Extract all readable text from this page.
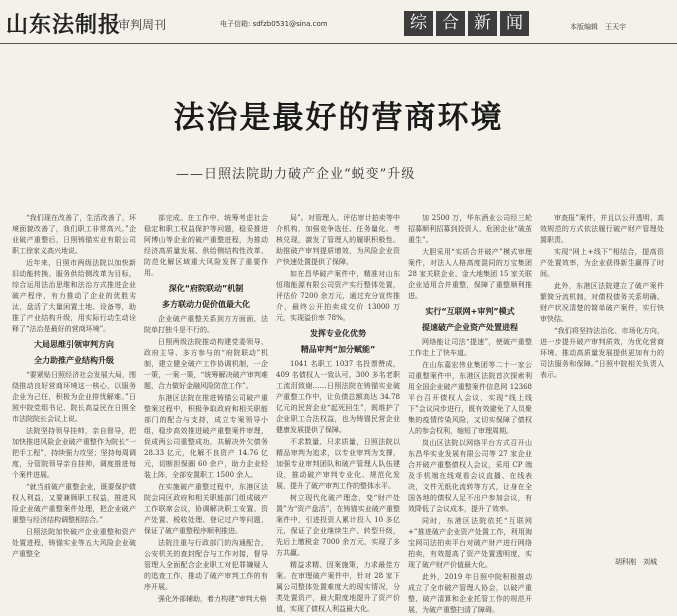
山东法制报
审判周刊	电子信箱: sdfzb0531@sina.com	综 合 新 闻	本版编辑　王天宇
法治是最好的营商环境
——日照法院助力破产企业“蜕变”升级

“我们现在改善了，生活改善了，环境面貌改善了，我们职工非常高兴。”企业破产重整后，日照铸锚实业有限公司职工徐家义高兴地说。

近年来，日照市两级法院以加快新旧动能转换、服务供给侧改革为目标，综合运用法治思维和法治方式推进企业破产程序，有力推动了企业的优胜劣汰，盘活了大量闲置土地、设备等，助推了产业结构升级，用实际行动生动诠释了“法治是最好的营商环境”。

大局思维引领审判方向
全力助推产业结构升级

“要紧贴日照经济社会发展大局，围绕推动良好营商环境这一核心，以服务企业为己任，积极为企业排忧解难。”日照中院党组书记、院长高益民在日照全市法院院长会议上说。

法院坚持领导挂帅，亲自督导，把加快推进风险企业破产重整作为院长“一把手工程”，持续强力攻坚；坚持每周调度，分管院领导亲自挂帅，调度推进每个案件进展。

“就当前破产重整企业，既要保护债权人利益，又要兼顾职工权益，推进风险企业破产重整案件处理，把企业破产重整与经济结构调整相结合。”

日照法院加快破产企业重整和资产处置进程，铸锚实业等五大风险企业破产重整全

部完成。在工作中，统筹考虑社会稳定和职工权益保护等问题，稳妥推进阿博山等企业的破产重整进程，为推动经济高质量发展、供给侧结构性改革、防范化解区域重大风险发挥了重要作用。

深化“府院联动”机制
多方联动力促价值最大化

企业破产重整关系到方方面面，法院单打独斗是不行的。

日照两级法院推动构建党委领导、政府主导、多方参与的“府院联动”机制，建立健全破产工作协调机制，一企一策，一案一策，“统筹解决破产审判难题，合力做好金融风险防范工作”。

东港区法院在推进铸锚公司破产重整案过程中，积极争取政府和相关职能部门的配合与支持，成立专案领导小组，稳步高效推进破产重整案件审理，促成两公司重整成功，共解决外欠债务 28.33 亿元，化解不良资产 14.76 亿元，切断担保圈 60 余户，助力企业轻装上阵，全部安置职工 1500 余人。

在实施破产重整过程中，东港区法院会同区政府和相关职能部门组成破产工作联席会议，协调解决职工安置、资产处置、税收处理、登记过户等问题，保证了破产重整程序顺利推进。

法院注重与行政部门的沟通配合，公安机关的查封配合与工作对接，督导管理人全面配合企业职工对犯罪嫌疑人的追查工作，推动了破产审判工作的有序开展。

强化外部辅助，着力构建“审判大格

局”。对管理人、评估审计拍卖等中介机构，加强竞争选任、任务量化、考核兑现，激发了管理人的履职积极性。助推破产审判提质增效，为风险企业资产快速处置提供了保障。

如在昌华破产案件中，精准对山东恒瑞能源有限公司资产实行整体处置，评估价 7200 余万元，通过充分宣传推介，最终公开拍卖成交价 13000 万元，实现溢价率 78%。

发挥专业化优势
精品审判“加分赋能”

1041 名职工 1037 名投票赞成，409 名债权人一致认可，300 多名老职工流泪致谢……日照法院在铸锚实业破产重整工作中，让负债总额高达 34.78 亿元的民营企业“起死回生”，既维护了企业职工合法权益，也为铸锚民营企业健康发展提供了保障。

不求数量、只求质量，日照法院以精品审判为追求，以专业审判为支撑，加强专业审判团队和破产管理人队伍建设，推动破产审判专业化、规范化发展，提升了破产审判工作的整体水平。

树立现代化破产理念，变“财产处置”为“资产盘活”，在铸锚实业破产重整案件中，引进投资人累计投入 10 多亿元，保证了企业继续生产、转型升级，先后上缴税金 7000 余万元，实现了多方共赢。

精益求精、因案施策，力求最佳方案。在审理破产案件中，针对 28 家下属公司整体处置难度大的现实情况，分类处置资产，最大限度地提升了资产价值，实现了债权人利益最大化。

加 2500 万，华东酒业公司经三轮招募顺利招募到投资人，危困企业“破茧重生”。

大胆采用“实质合并破产”模式审理案件，对法人人格高度混同的万宝集团 28 家关联企业、金大地集团 15 家关联企业适用合并重整，保障了重整顺利推进。

实行“互联网+审判”模式
提速破产企业资产处置进程

网络能让司法“提速”，使破产重整工作走上了快车道。

在山东嘉宏伟业集团等二十一家公司重整案件中，东港区法院首次探索利用全国企业破产重整案件信息网 12368 平台召开债权人会议，实现“线上线下”会议同步进行，既有效避免了人员聚集的疫情传染风险，又切实保障了债权人的参会权利，缩短了审理周期。

岚山区法院以网络平台方式召开山东昌华实业发展有限公司等 27 家企业合并破产重整债权人会议，采用 CP 端及手机端在线观看会议直播、在线表决，文件无纸化流转等方式，让身在全国各地的债权人足不出户参加会议，有效降低了会议成本，提升了效率。

同时，东港区法院依托“互联网+”推进破产企业资产处置工作，利用淘宝网司法拍卖平台对破产财产进行网络拍卖，有效提高了资产处置透明度，实现了破产财产价值最大化。

此外，2019 年日照中院积极推动成立了全市破产管理人协会，以破产重整、破产清算和企业托管工作的规范开展，为破产重整扫清了障碍。

审查报”案件，并且以公开透明、高效规范的方式依法履行破产财产管理处置职责。

实现“网上+线下”相结合，提高资产处置效率，为企业获得新生赢得了时间。

此外，东港区法院建立了破产案件繁简分流机制，对债权债务关系明确、财产状况清楚的简单破产案件，实行快审快结。

“我们将坚持法治化、市场化方向，进一步提升破产审判质效，为优化营商环境、推动高质量发展提供更加有力的司法服务和保障。”日照中院相关负责人表示。

胡科刚　刘城
